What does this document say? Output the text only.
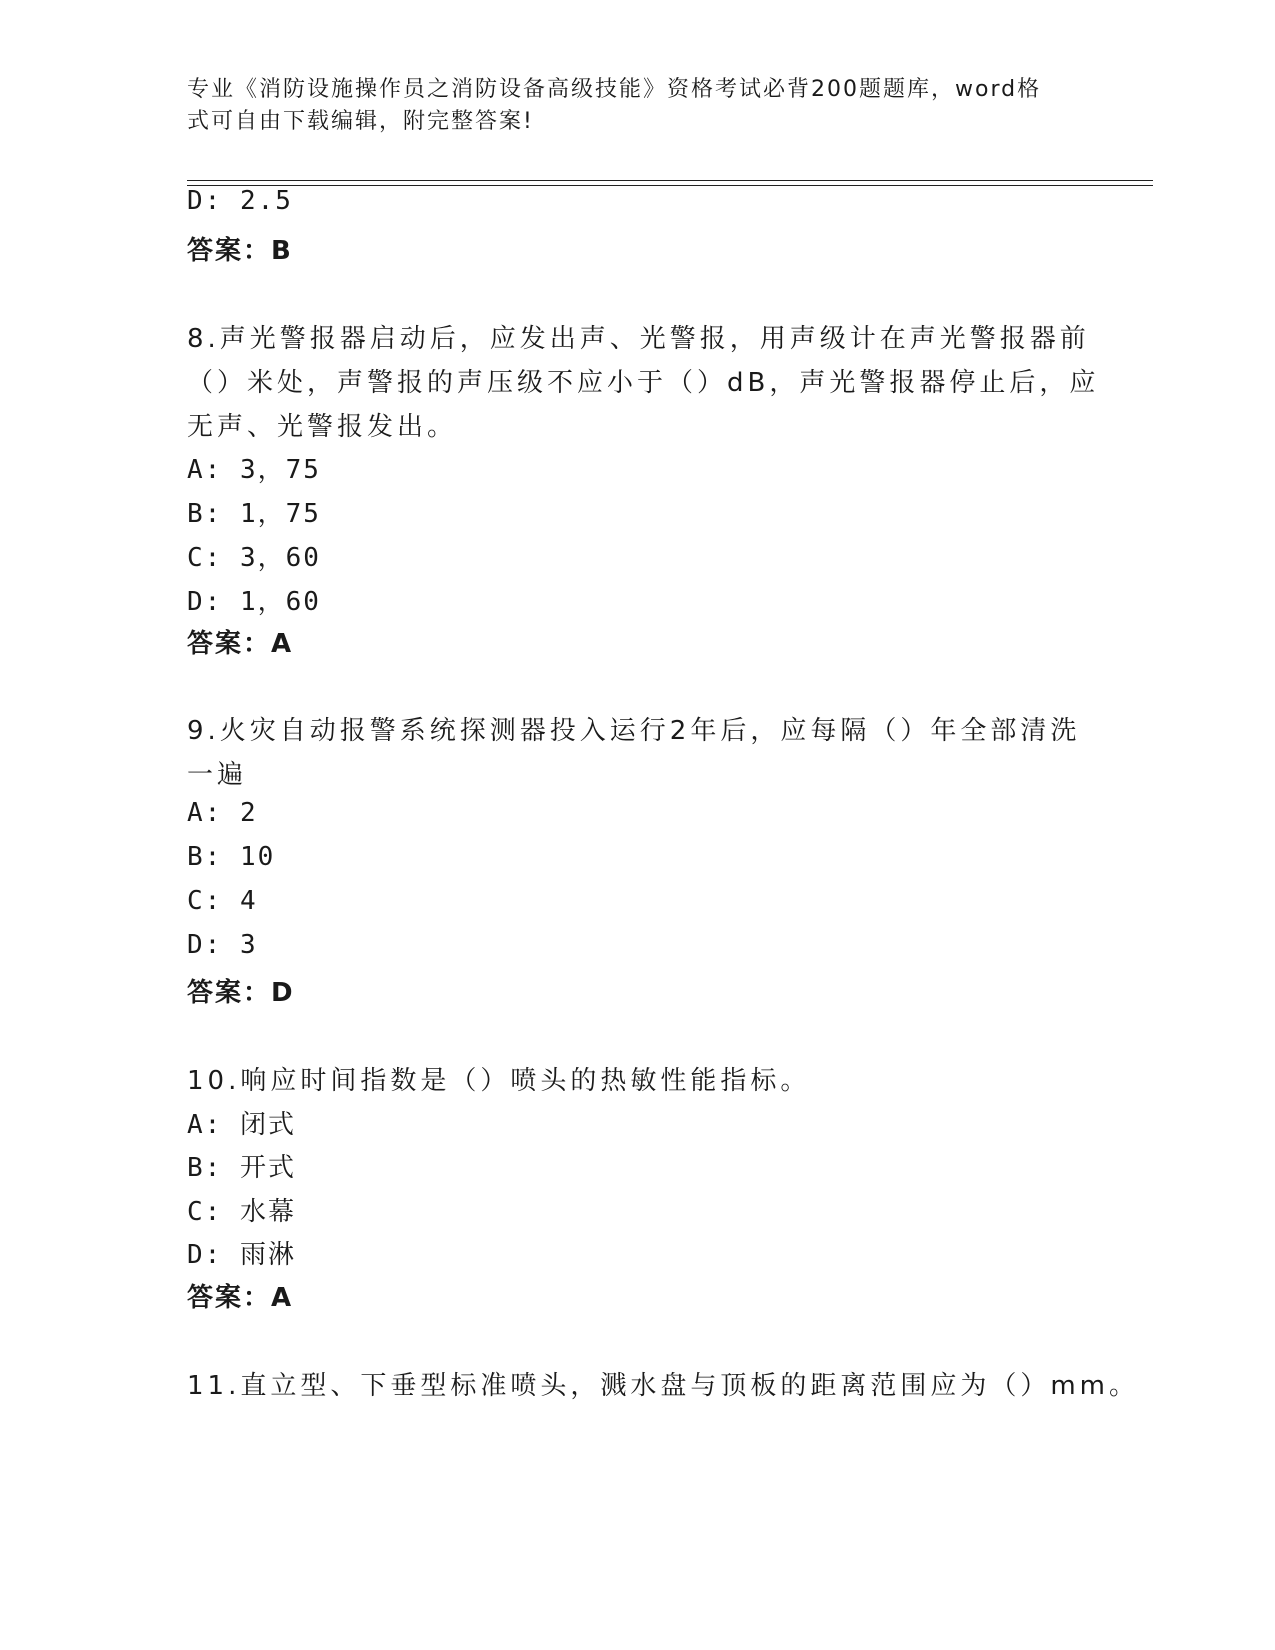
专业《消防设施操作员之消防设备高级技能》资格考试必背200题题库，word格
式可自由下载编辑，附完整答案!
D: 2.5
答案：B
8.声光警报器启动后，应发出声、光警报，用声级计在声光警报器前
（）米处，声警报的声压级不应小于（）dB，声光警报器停止后，应
无声、光警报发出。
A: 3，75
B: 1，75
C: 3，60
D: 1，60
答案：A
9.火灾自动报警系统探测器投入运行2年后，应每隔（）年全部清洗
一遍
A: 2
B: 10
C: 4
D: 3
答案：D
10.响应时间指数是（）喷头的热敏性能指标。
A: 闭式
B: 开式
C: 水幕
D: 雨淋
答案：A
11.直立型、下垂型标准喷头，溅水盘与顶板的距离范围应为（）mm。
